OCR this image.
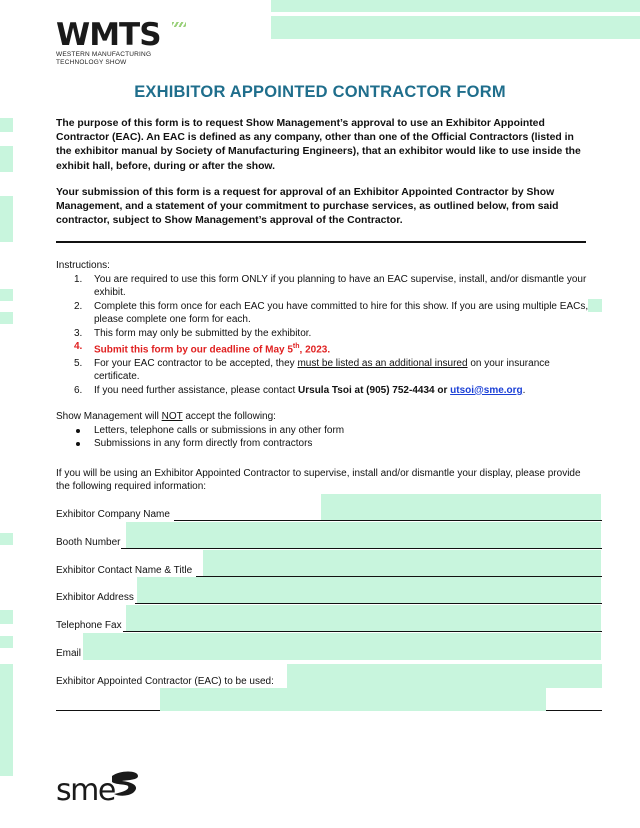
WMTS
WESTERN MANUFACTURING
TECHNOLOGY SHOW
EXHIBITOR APPOINTED CONTRACTOR FORM
The purpose of this form is to request Show Management’s approval to use an Exhibitor Appointed Contractor (EAC). An EAC is defined as any company, other than one of the Official Contractors (listed in the exhibitor manual by Society of Manufacturing Engineers), that an exhibitor would like to use inside the exhibit hall, before, during or after the show.
Your submission of this form is a request for approval of an Exhibitor Appointed Contractor by Show Management, and a statement of your commitment to purchase services, as outlined below, from said contractor, subject to Show Management’s approval of the Contractor.
Instructions:
1. You are required to use this form ONLY if you planning to have an EAC supervise, install, and/or dismantle your exhibit.
2. Complete this form once for each EAC you have committed to hire for this show. If you are using multiple EACs, please complete one form for each.
3. This form may only be submitted by the exhibitor.
4. Submit this form by our deadline of May 5th, 2023.
5. For your EAC contractor to be accepted, they must be listed as an additional insured on your insurance certificate.
6. If you need further assistance, please contact Ursula Tsoi at (905) 752-4434 or utsoi@sme.org.
Show Management will NOT accept the following:
Letters, telephone calls or submissions in any other form
Submissions in any form directly from contractors
If you will be using an Exhibitor Appointed Contractor to supervise, install and/or dismantle your display, please provide the following required information:
Exhibitor Company Name
Booth Number
Exhibitor Contact Name & Title
Exhibitor Address
Telephone Fax
Email
Exhibitor Appointed Contractor (EAC) to be used:
sme
